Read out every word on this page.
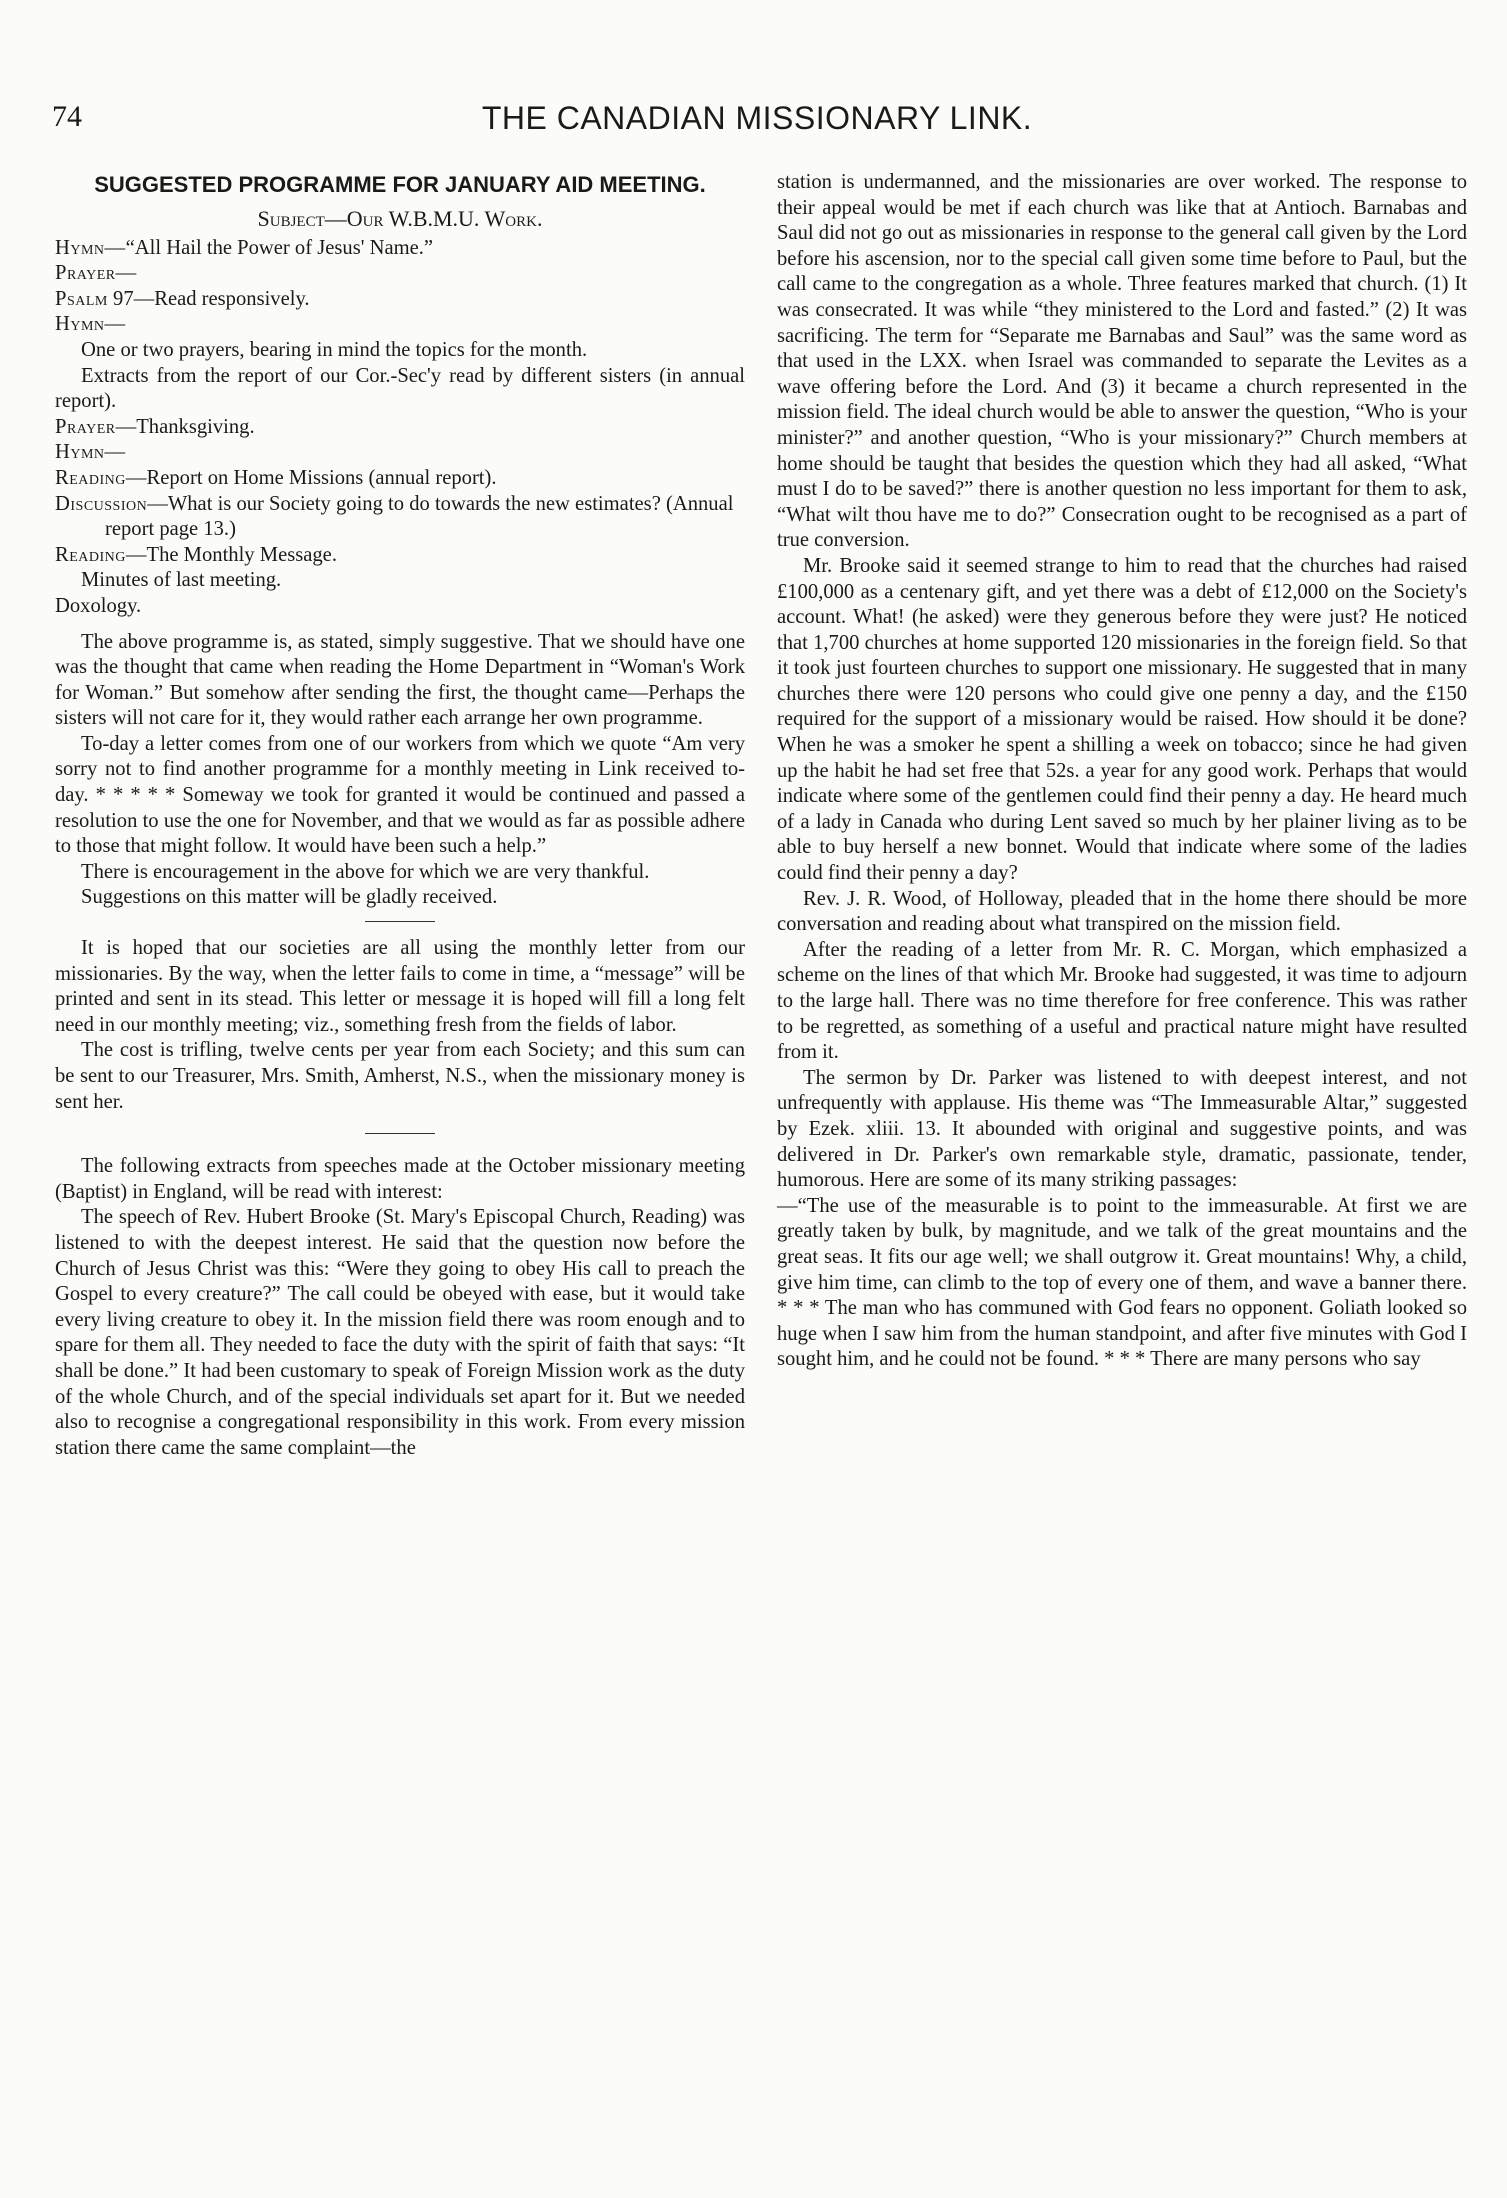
74	THE CANADIAN MISSIONARY LINK.
SUGGESTED PROGRAMME FOR JANUARY AID MEETING.
Subject—Our W.B.M.U. Work.

Hymn—“All Hail the Power of Jesus' Name.”

Prayer—

Psalm 97—Read responsively.

Hymn—

One or two prayers, bearing in mind the topics for the month.

Extracts from the report of our Cor.-Sec'y read by different sisters (in annual report).

Prayer—Thanksgiving.

Hymn—

Reading—Report on Home Missions (annual report).

Discussion—What is our Society going to do towards the new estimates? (Annual report page 13.)

Reading—The Monthly Message.

Minutes of last meeting.

Doxology.

The above programme is, as stated, simply suggestive. That we should have one was the thought that came when reading the Home Department in “Woman's Work for Woman.” But somehow after sending the first, the thought came—Perhaps the sisters will not care for it, they would rather each arrange her own programme.

To-day a letter comes from one of our workers from which we quote “Am very sorry not to find another programme for a monthly meeting in Link received to-day. * * * * * Someway we took for granted it would be continued and passed a resolution to use the one for November, and that we would as far as possible adhere to those that might follow. It would have been such a help.”

There is encouragement in the above for which we are very thankful.

Suggestions on this matter will be gladly received.

It is hoped that our societies are all using the monthly letter from our missionaries. By the way, when the letter fails to come in time, a “message” will be printed and sent in its stead. This letter or message it is hoped will fill a long felt need in our monthly meeting; viz., something fresh from the fields of labor.

The cost is trifling, twelve cents per year from each Society; and this sum can be sent to our Treasurer, Mrs. Smith, Amherst, N.S., when the missionary money is sent her.

The following extracts from speeches made at the October missionary meeting (Baptist) in England, will be read with interest:

The speech of Rev. Hubert Brooke (St. Mary's Episcopal Church, Reading) was listened to with the deepest interest. He said that the question now before the Church of Jesus Christ was this: “Were they going to obey His call to preach the Gospel to every creature?” The call could be obeyed with ease, but it would take every living creature to obey it. In the mission field there was room enough and to spare for them all. They needed to face the duty with the spirit of faith that says: “It shall be done.” It had been customary to speak of Foreign Mission work as the duty of the whole Church, and of the special individuals set apart for it. But we needed also to recognise a congregational responsibility in this work. From every mission station there came the same complaint—the

station is undermanned, and the missionaries are over worked. The response to their appeal would be met if each church was like that at Antioch. Barnabas and Saul did not go out as missionaries in response to the general call given by the Lord before his ascension, nor to the special call given some time before to Paul, but the call came to the congregation as a whole. Three features marked that church. (1) It was consecrated. It was while “they ministered to the Lord and fasted.” (2) It was sacrificing. The term for “Separate me Barnabas and Saul” was the same word as that used in the LXX. when Israel was commanded to separate the Levites as a wave offering before the Lord. And (3) it became a church represented in the mission field. The ideal church would be able to answer the question, “Who is your minister?” and another question, “Who is your missionary?” Church members at home should be taught that besides the question which they had all asked, “What must I do to be saved?” there is another question no less important for them to ask, “What wilt thou have me to do?” Consecration ought to be recognised as a part of true conversion.

Mr. Brooke said it seemed strange to him to read that the churches had raised £100,000 as a centenary gift, and yet there was a debt of £12,000 on the Society's account. What! (he asked) were they generous before they were just? He noticed that 1,700 churches at home supported 120 missionaries in the foreign field. So that it took just fourteen churches to support one missionary. He suggested that in many churches there were 120 persons who could give one penny a day, and the £150 required for the support of a missionary would be raised. How should it be done? When he was a smoker he spent a shilling a week on tobacco; since he had given up the habit he had set free that 52s. a year for any good work. Perhaps that would indicate where some of the gentlemen could find their penny a day. He heard much of a lady in Canada who during Lent saved so much by her plainer living as to be able to buy herself a new bonnet. Would that indicate where some of the ladies could find their penny a day?

Rev. J. R. Wood, of Holloway, pleaded that in the home there should be more conversation and reading about what transpired on the mission field.

After the reading of a letter from Mr. R. C. Morgan, which emphasized a scheme on the lines of that which Mr. Brooke had suggested, it was time to adjourn to the large hall. There was no time therefore for free conference. This was rather to be regretted, as something of a useful and practical nature might have resulted from it.

The sermon by Dr. Parker was listened to with deepest interest, and not unfrequently with applause. His theme was “The Immeasurable Altar,” suggested by Ezek. xliii. 13. It abounded with original and suggestive points, and was delivered in Dr. Parker's own remarkable style, dramatic, passionate, tender, humorous. Here are some of its many striking passages:

—“The use of the measurable is to point to the immeasurable. At first we are greatly taken by bulk, by magnitude, and we talk of the great mountains and the great seas. It fits our age well; we shall outgrow it. Great mountains! Why, a child, give him time, can climb to the top of every one of them, and wave a banner there. * * * The man who has communed with God fears no opponent. Goliath looked so huge when I saw him from the human standpoint, and after five minutes with God I sought him, and he could not be found. * * * There are many persons who say
